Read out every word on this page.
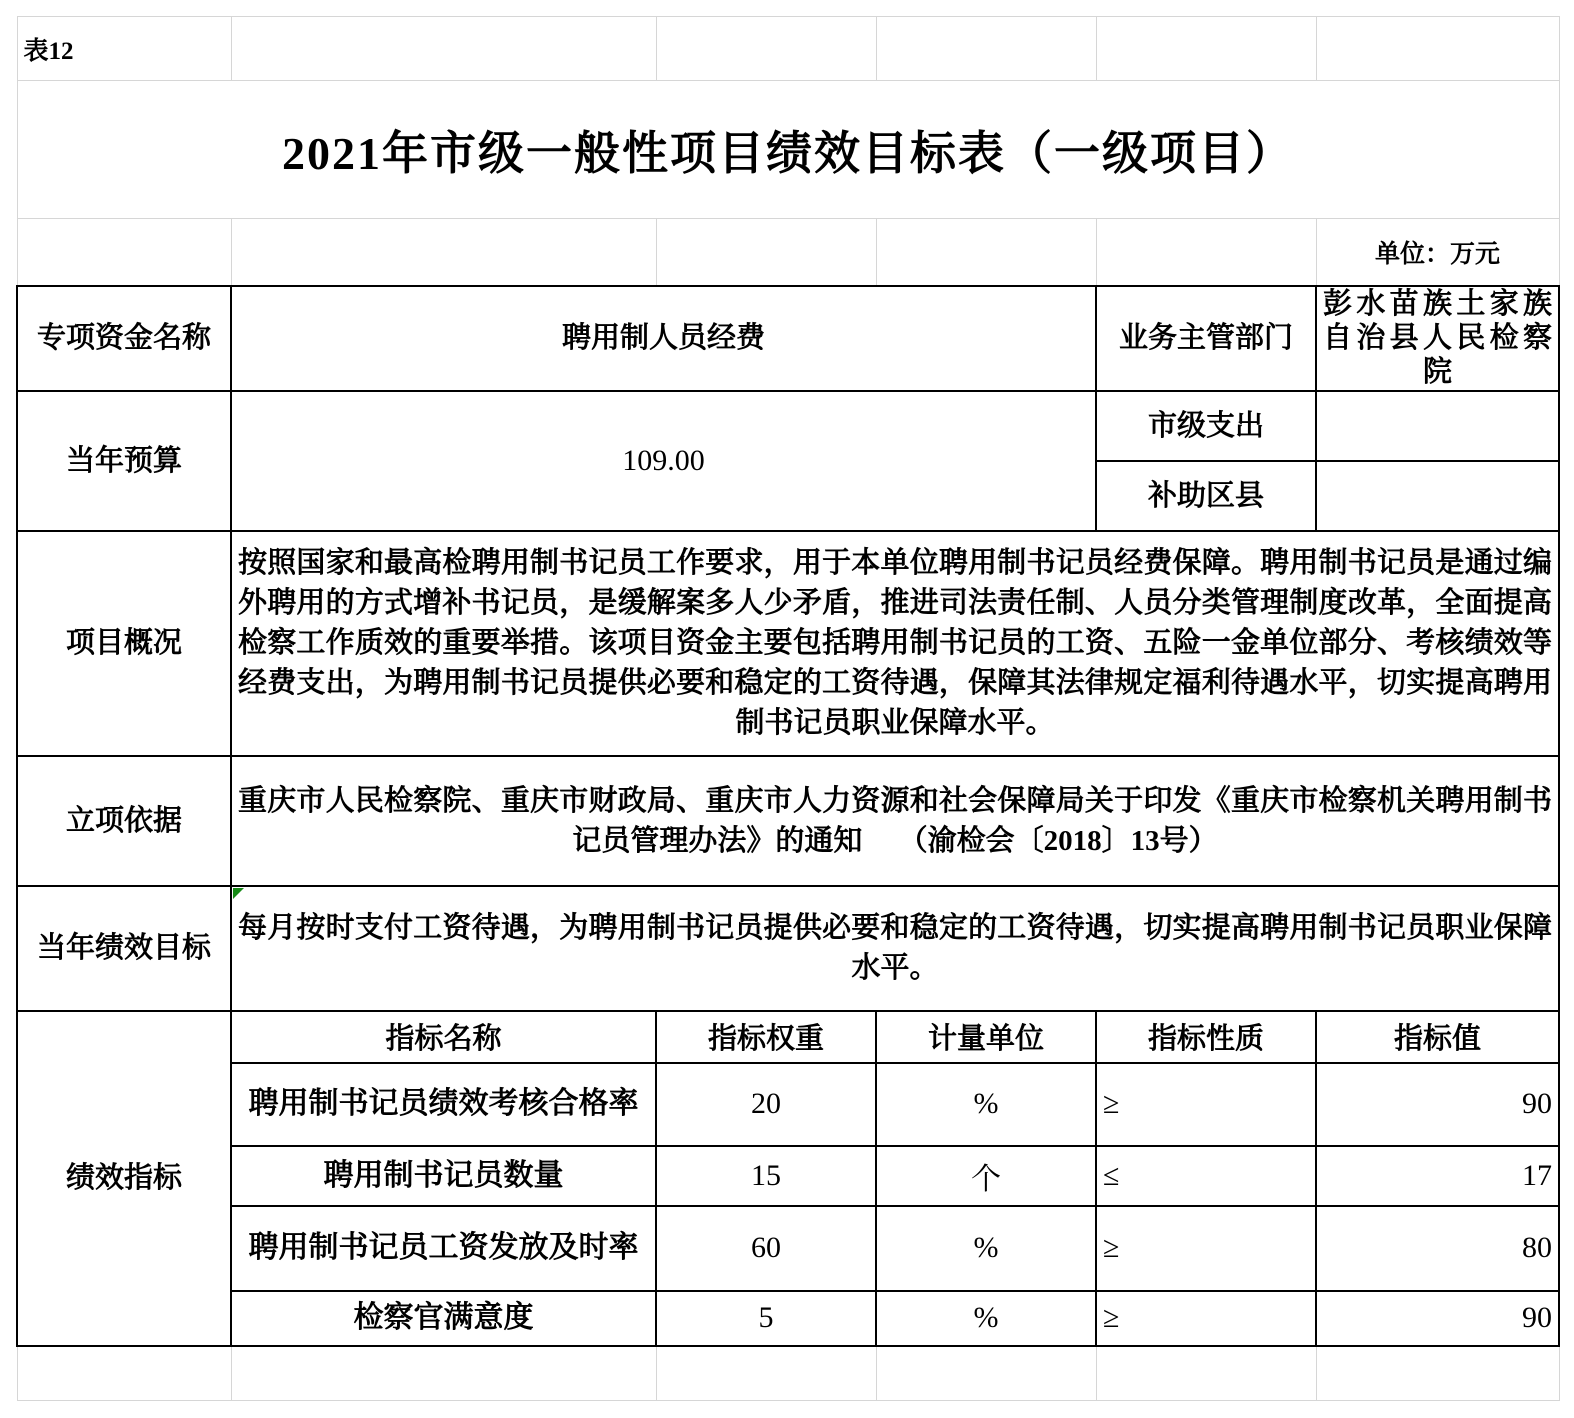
表12					
2021年市级一般性项目绩效目标表（一级项目）					
					单位：万元
专项资金名称	聘用制人员经费			业务主管部门	彭水苗族土家族自治县人民检察院
当年预算	109.00			市级支出	
				补助区县	
项目概况	按照国家和最高检聘用制书记员工作要求，用于本单位聘用制书记员经费保障。聘用制书记员是通过编外聘用的方式增补书记员，是缓解案多人少矛盾，推进司法责任制、人员分类管理制度改革，全面提高检察工作质效的重要举措。该项目资金主要包括聘用制书记员的工资、五险一金单位部分、考核绩效等经费支出，为聘用制书记员提供必要和稳定的工资待遇，保障其法律规定福利待遇水平，切实提高聘用制书记员职业保障水平。				
立项依据	重庆市人民检察院、重庆市财政局、重庆市人力资源和社会保障局关于印发《重庆市检察机关聘用制书记员管理办法》的通知　 （渝检会〔2018〕13号）				
当年绩效目标	每月按时支付工资待遇，为聘用制书记员提供必要和稳定的工资待遇，切实提高聘用制书记员职业保障水平。				
绩效指标	指标名称	指标权重	计量单位	指标性质	指标值
	聘用制书记员绩效考核合格率	20	%	≥	90
	聘用制书记员数量	15	个	≤	17
	聘用制书记员工资发放及时率	60	%	≥	80
	检察官满意度	5	%	≥	90
